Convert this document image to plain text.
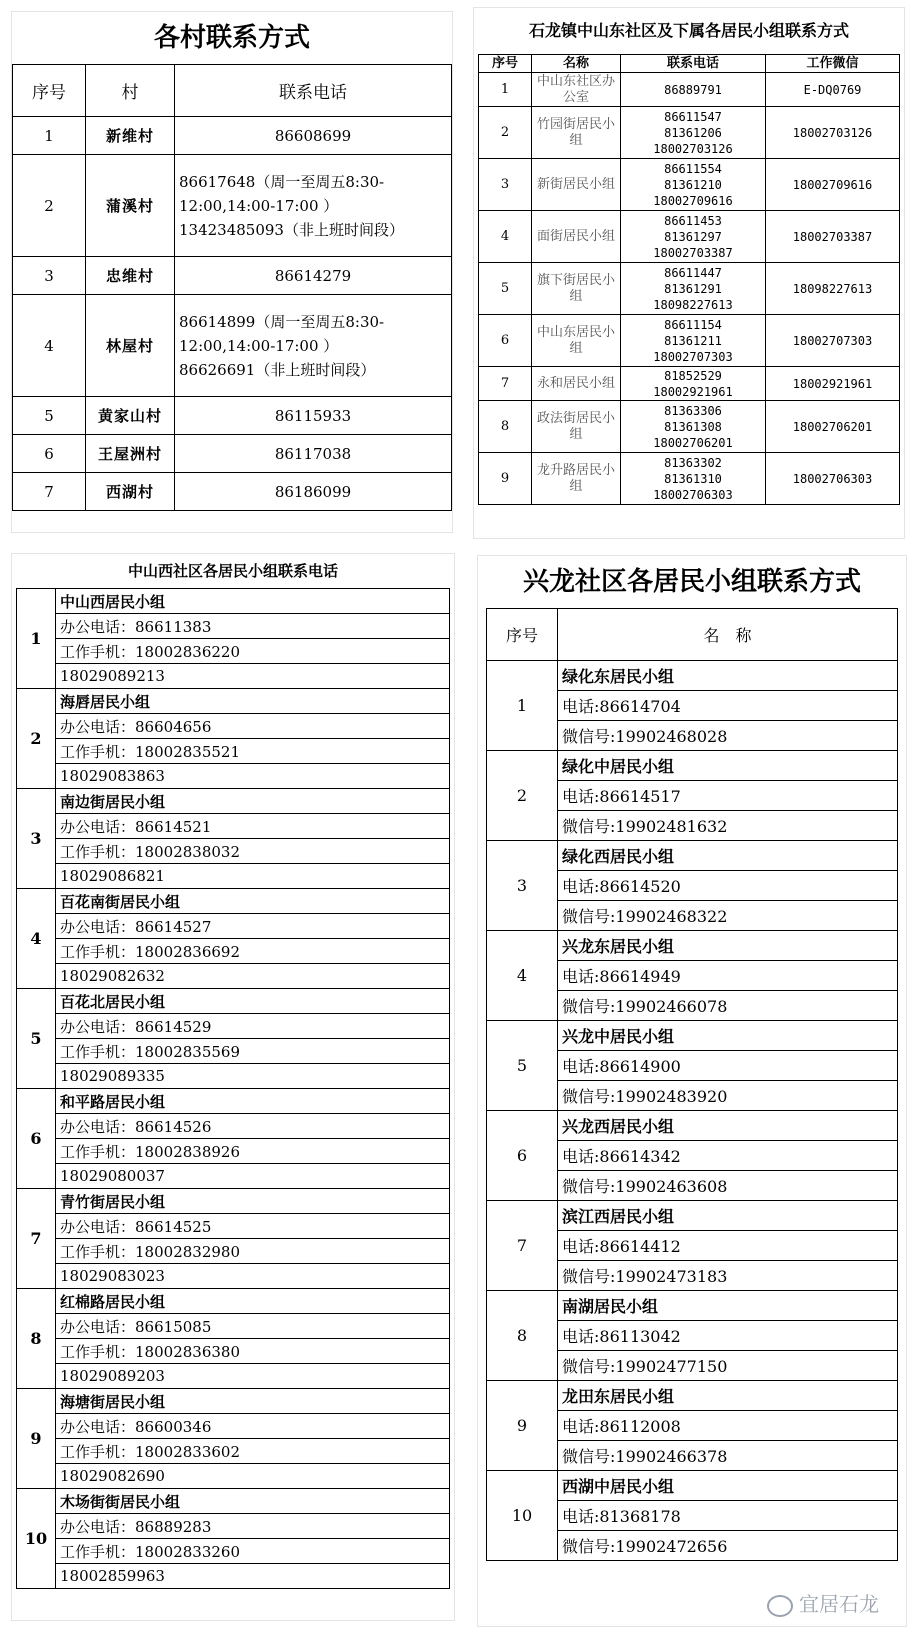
各村联系方式
序号	村	联系电话
1	新维村	86608699

2	蒲溪村	86617648（周一至周五8:30-
12:00,14:00-17:00 ）
13423485093（非上班时间段）

3	忠维村	86614279

4	林屋村	86614899（周一至周五8:30-
12:00,14:00-17:00 ）
86626691（非上班时间段）

5	黄家山村	86115933

6	王屋洲村	86117038

7	西湖村	86186099
石龙镇中山东社区及下属各居民小组联系方式
序号	名称	联系电话	工作微信
1	中山东社区办公室	86889791	E-DQ0769
2	竹园街居民小组	86611547
81361206
18002703126	18002703126
3	新街居民小组	86611554
81361210
18002709616	18002709616
4	面街居民小组	86611453
81361297
18002703387	18002703387
5	旗下街居民小组	86611447
81361291
18098227613	18098227613
6	中山东居民小组	86611154
81361211
18002707303	18002707303
7	永和居民小组	81852529
18002921961	18002921961
8	政法街居民小组	81363306
81361308
18002706201	18002706201
9	龙升路居民小组	81363302
81361310
18002706303	18002706303
中山西社区各居民小组联系电话
1	中山西居民小组
	办公电话：86611383
	工作手机：18002836220
	18029089213
2	海唇居民小组
	办公电话：86604656
	工作手机：18002835521
	18029083863
3	南边街居民小组
	办公电话：86614521
	工作手机：18002838032
	18029086821
4	百花南街居民小组
	办公电话：86614527
	工作手机：18002836692
	18029082632
5	百花北居民小组
	办公电话：86614529
	工作手机：18002835569
	18029089335
6	和平路居民小组
	办公电话：86614526
	工作手机：18002838926
	18029080037
7	青竹街居民小组
	办公电话：86614525
	工作手机：18002832980
	18029083023
8	红棉路居民小组
	办公电话：86615085
	工作手机：18002836380
	18029089203
9	海塘街居民小组
	办公电话：86600346
	工作手机：18002833602
	18029082690
10	木场街街居民小组
	办公电话：86889283
	工作手机：18002833260
	18002859963
兴龙社区各居民小组联系方式
序号	名　称
1	绿化东居民小组
	电话:86614704
	微信号:19902468028
2	绿化中居民小组
	电话:86614517
	微信号:19902481632
3	绿化西居民小组
	电话:86614520
	微信号:19902468322
4	兴龙东居民小组
	电话:86614949
	微信号:19902466078
5	兴龙中居民小组
	电话:86614900
	微信号:19902483920
6	兴龙西居民小组
	电话:86614342
	微信号:19902463608
7	滨江西居民小组
	电话:86614412
	微信号:19902473183
8	南湖居民小组
	电话:86113042
	微信号:19902477150
9	龙田东居民小组
	电话:86112008
	微信号:19902466378
10	西湖中居民小组
	电话:81368178
	微信号:19902472656
宜居石龙
